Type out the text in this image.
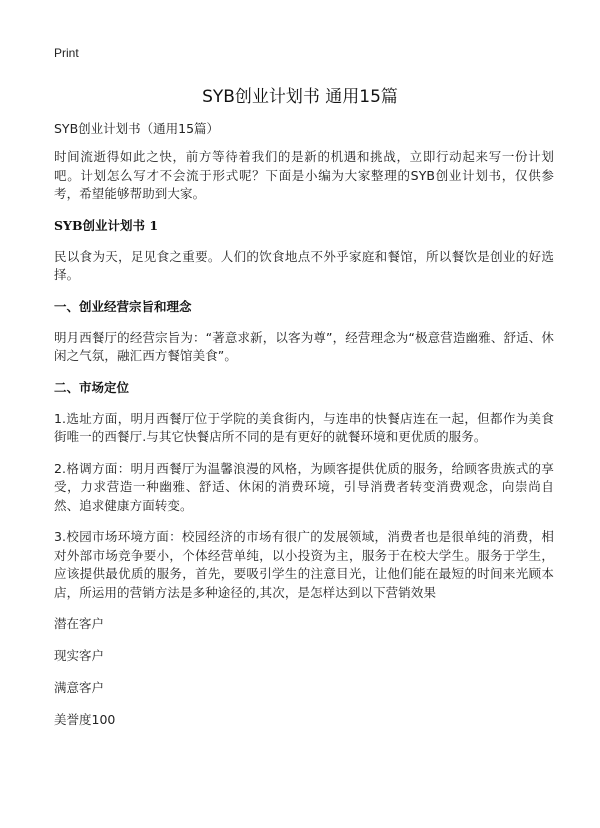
Print
SYB创业计划书 通用15篇
SYB创业计划书（通用15篇）

时间流逝得如此之快，前方等待着我们的是新的机遇和挑战，立即行动起来写一份计划吧。计划怎么写才不会流于形式呢？下面是小编为大家整理的SYB创业计划书，仅供参考，希望能够帮助到大家。

SYB创业计划书 1

民以食为天，足见食之重要。人们的饮食地点不外乎家庭和餐馆，所以餐饮是创业的好选择。

一、创业经营宗旨和理念

明月西餐厅的经营宗旨为：“著意求新，以客为尊”，经营理念为“极意营造幽雅、舒适、休闲之气氛，融汇西方餐馆美食”。

二、市场定位

1.选址方面，明月西餐厅位于学院的美食街内，与连串的快餐店连在一起，但都作为美食街唯一的西餐厅.与其它快餐店所不同的是有更好的就餐环境和更优质的服务。

2.格调方面：明月西餐厅为温馨浪漫的风格，为顾客提供优质的服务，给顾客贵族式的享受，力求营造一种幽雅、舒适、休闲的消费环境，引导消费者转变消费观念，向崇尚自然、追求健康方面转变。

3.校园市场环境方面：校园经济的市场有很广的发展领域，消费者也是很单纯的消费，相对外部市场竞争要小，个体经营单纯，以小投资为主，服务于在校大学生。服务于学生，应该提供最优质的服务，首先，要吸引学生的注意目光，让他们能在最短的时间来光顾本店，所运用的营销方法是多种途径的,其次，是怎样达到以下营销效果

潜在客户
现实客户
满意客户
美誉度100
